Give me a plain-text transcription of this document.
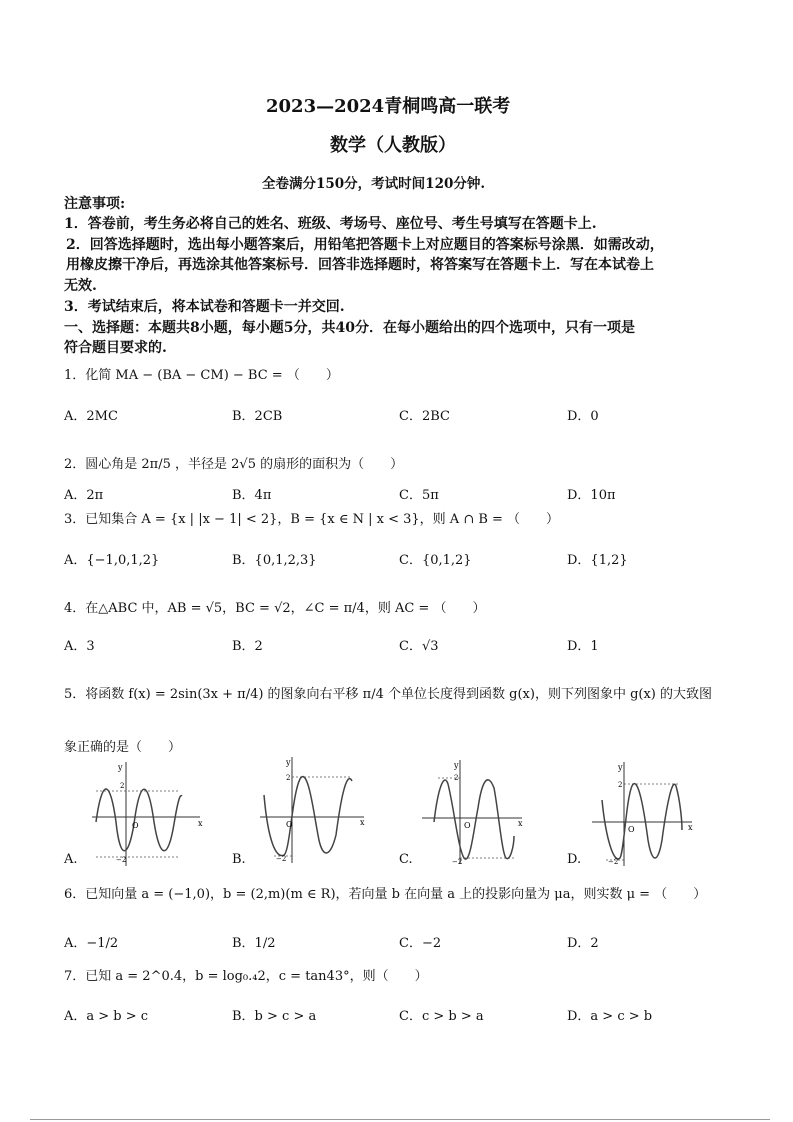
2023—2024青桐鸣高一联考
数学（人教版）
全卷满分150分，考试时间120分钟.
注意事项:
1．答卷前，考生务必将自己的姓名、班级、考场号、座位号、考生号填写在答题卡上.
2．回答选择题时，选出每小题答案后，用铅笔把答题卡上对应题目的答案标号涂黑．如需改动，
用橡皮擦干净后，再选涂其他答案标号．回答非选择题时，将答案写在答题卡上．写在本试卷上
无效.
3．考试结束后，将本试卷和答题卡一并交回.
一、选择题：本题共8小题，每小题5分，共40分．在每小题给出的四个选项中，只有一项是
符合题目要求的.
1．化简 MA − (BA − CM) − BC = （　　）
A．2MC	B．2CB	C．2BC	D．0
2．圆心角是 2π/5 ，半径是 2√5 的扇形的面积为（　　）
A．2π	B．4π	C．5π	D．10π
3．已知集合 A = {x | |x − 1| < 2}，B = {x ∈ N | x < 3}，则 A ∩ B = （　　）
A．{−1,0,1,2}	B．{0,1,2,3}	C．{0,1,2}	D．{1,2}
4．在△ABC 中，AB = √5，BC = √2，∠C = π/4，则 AC = （　　）
A．3	B．2	C．√3	D．1
5．将函数 f(x) = 2sin(3x + π/4) 的图象向右平移 π/4 个单位长度得到函数 g(x)，则下列图象中 g(x) 的大致图
象正确的是（　　）
O
y
x
2
−2
O
y
x
2
−2
O
y
x
2
−2
O
y
x
2
−2
A.	B.	C.	D.
6．已知向量 a = (−1,0)，b = (2,m)(m ∈ R)，若向量 b 在向量 a 上的投影向量为 μa，则实数 μ = （　　）
A．−1/2	B．1/2	C．−2	D．2
7．已知 a = 2^0.4，b = log₀.₄2，c = tan43°，则（　　）
A．a > b > c	B．b > c > a	C．c > b > a	D．a > c > b
